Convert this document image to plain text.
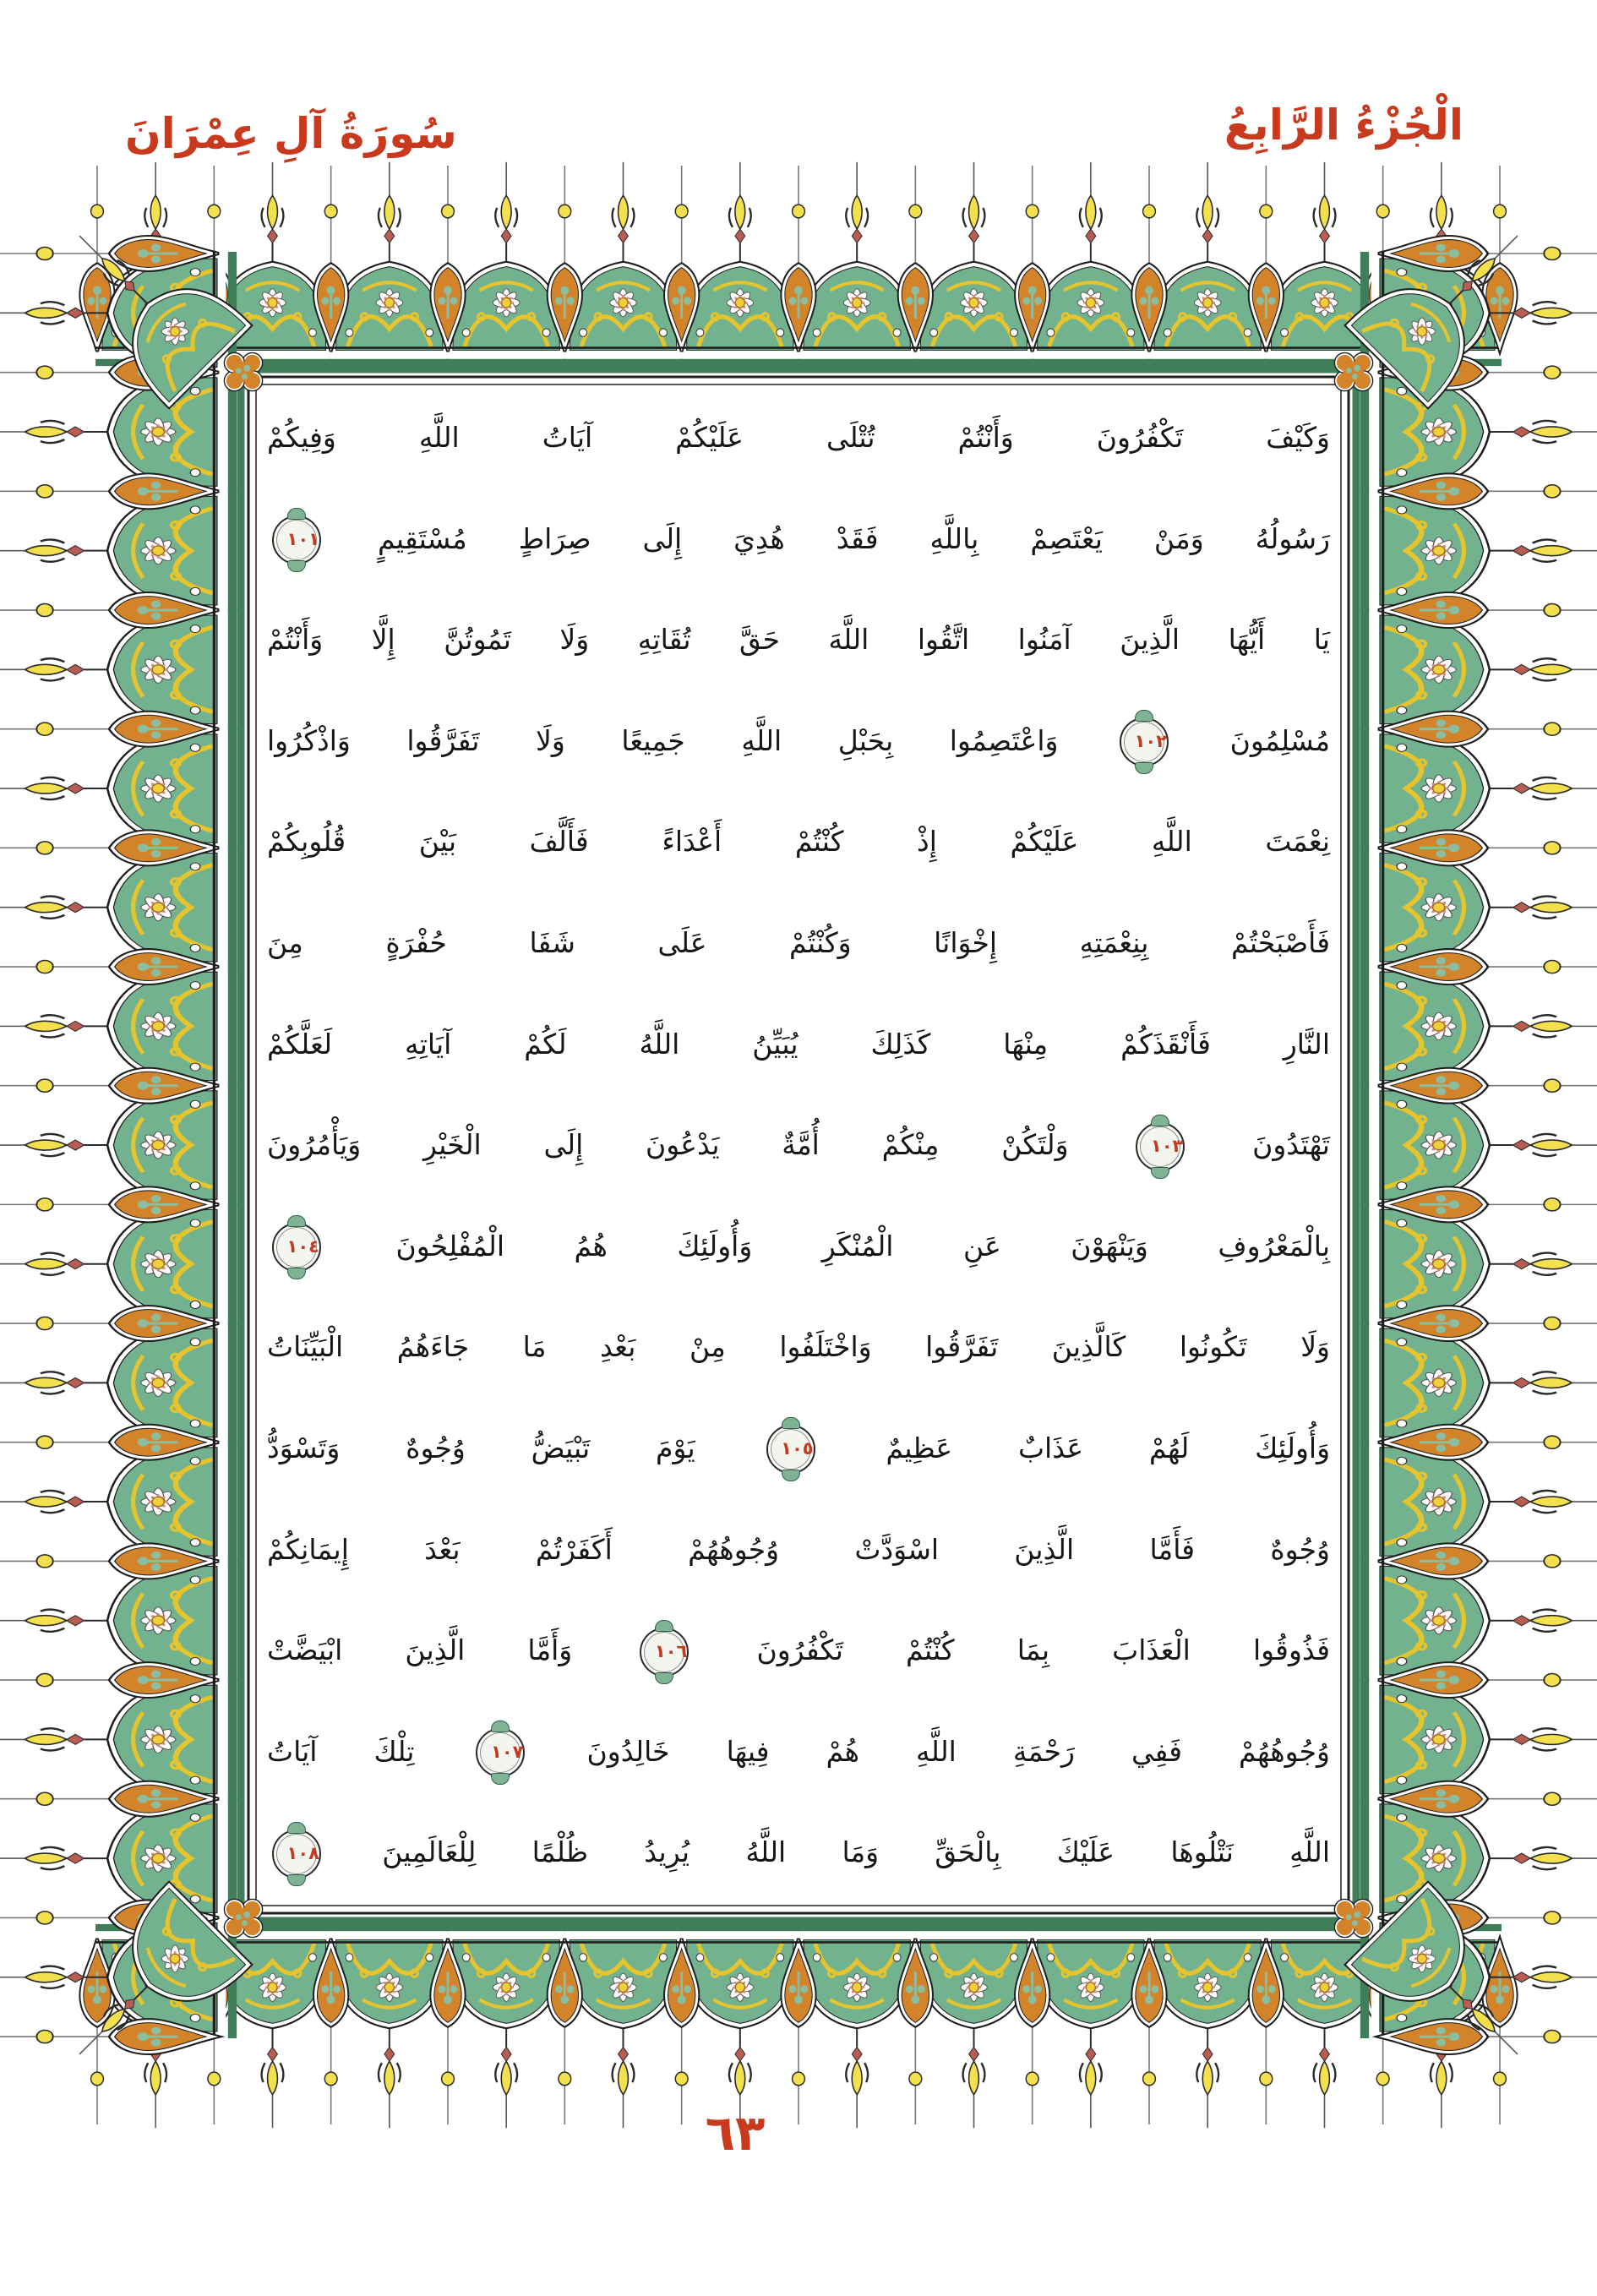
سُورَةُ آلِ عِمْرَانَ	الْجُزْءُ الرَّابِعُ
وَكَيْفَ تَكْفُرُونَ وَأَنْتُمْ تُتْلَى عَلَيْكُمْ آيَاتُ اللَّهِ وَفِيكُمْ
رَسُولُهُ وَمَنْ يَعْتَصِمْ بِاللَّهِ فَقَدْ هُدِيَ إِلَى صِرَاطٍ مُسْتَقِيمٍ
١٠١
يَا أَيُّهَا الَّذِينَ آمَنُوا اتَّقُوا اللَّهَ حَقَّ تُقَاتِهِ وَلَا تَمُوتُنَّ إِلَّا وَأَنْتُمْ
مُسْلِمُونَ
١٠٢
وَاعْتَصِمُوا بِحَبْلِ اللَّهِ جَمِيعًا وَلَا تَفَرَّقُوا وَاذْكُرُوا
نِعْمَتَ اللَّهِ عَلَيْكُمْ إِذْ كُنْتُمْ أَعْدَاءً فَأَلَّفَ بَيْنَ قُلُوبِكُمْ
فَأَصْبَحْتُمْ بِنِعْمَتِهِ إِخْوَانًا وَكُنْتُمْ عَلَى شَفَا حُفْرَةٍ مِنَ
النَّارِ فَأَنْقَذَكُمْ مِنْهَا كَذَلِكَ يُبَيِّنُ اللَّهُ لَكُمْ آيَاتِهِ لَعَلَّكُمْ
تَهْتَدُونَ
١٠٣
وَلْتَكُنْ مِنْكُمْ أُمَّةٌ يَدْعُونَ إِلَى الْخَيْرِ وَيَأْمُرُونَ
بِالْمَعْرُوفِ وَيَنْهَوْنَ عَنِ الْمُنْكَرِ وَأُولَئِكَ هُمُ الْمُفْلِحُونَ
١٠٤
وَلَا تَكُونُوا كَالَّذِينَ تَفَرَّقُوا وَاخْتَلَفُوا مِنْ بَعْدِ مَا جَاءَهُمُ الْبَيِّنَاتُ
وَأُولَئِكَ لَهُمْ عَذَابٌ عَظِيمٌ
١٠٥
يَوْمَ تَبْيَضُّ وُجُوهٌ وَتَسْوَدُّ
وُجُوهٌ فَأَمَّا الَّذِينَ اسْوَدَّتْ وُجُوهُهُمْ أَكَفَرْتُمْ بَعْدَ إِيمَانِكُمْ
فَذُوقُوا الْعَذَابَ بِمَا كُنْتُمْ تَكْفُرُونَ
١٠٦
وَأَمَّا الَّذِينَ ابْيَضَّتْ
وُجُوهُهُمْ فَفِي رَحْمَةِ اللَّهِ هُمْ فِيهَا خَالِدُونَ
١٠٧
تِلْكَ آيَاتُ
اللَّهِ نَتْلُوهَا عَلَيْكَ بِالْحَقِّ وَمَا اللَّهُ يُرِيدُ ظُلْمًا لِلْعَالَمِينَ
١٠٨
٦٣
